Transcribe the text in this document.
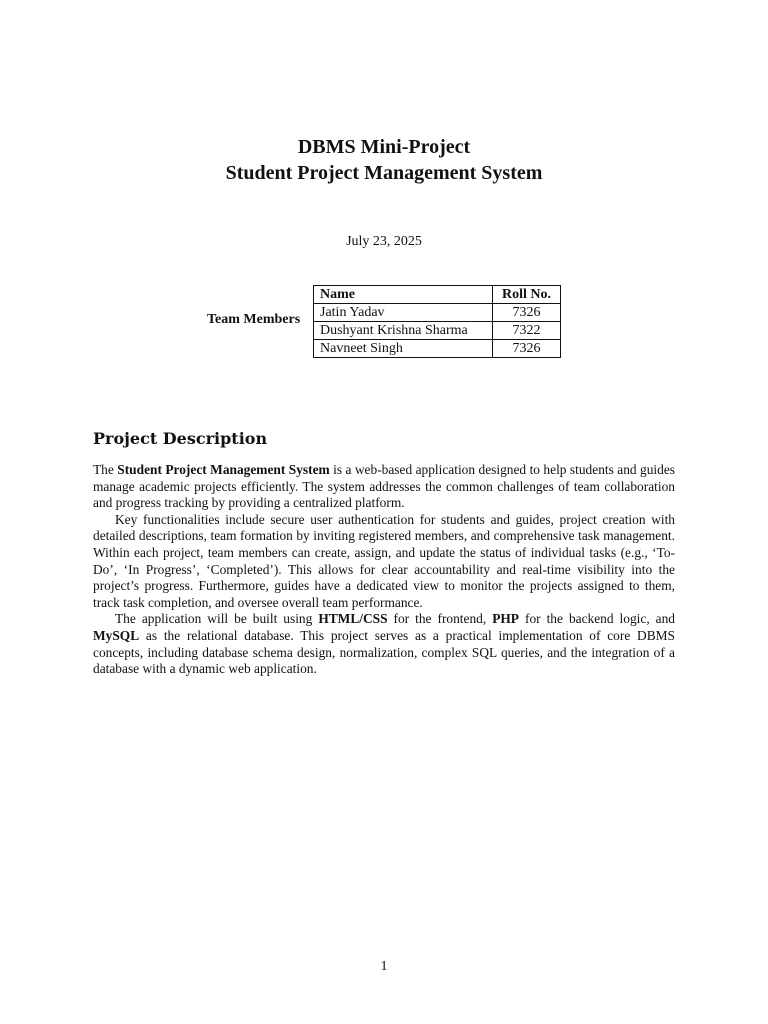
DBMS Mini-Project
Student Project Management System
July 23, 2025
Team Members
Name	Roll No.
Jatin Yadav	7326
Dushyant Krishna Sharma	7322
Navneet Singh	7326
Project Description

The Student Project Management System is a web-based application designed to help students and guides manage academic projects efficiently. The system addresses the common challenges of team collaboration and progress tracking by providing a centralized platform.

Key functionalities include secure user authentication for students and guides, project creation with detailed descriptions, team formation by inviting registered members, and comprehensive task management. Within each project, team members can create, assign, and update the status of individual tasks (e.g., ‘To-Do’, ‘In Progress’, ‘Completed’). This allows for clear accountability and real-time visibility into the project’s progress. Furthermore, guides have a dedicated view to monitor the projects assigned to them, track task completion, and oversee overall team performance.

The application will be built using HTML/CSS for the frontend, PHP for the backend logic, and MySQL as the relational database. This project serves as a practical implementation of core DBMS concepts, including database schema design, normalization, complex SQL queries, and the integration of a database with a dynamic web application.

1
